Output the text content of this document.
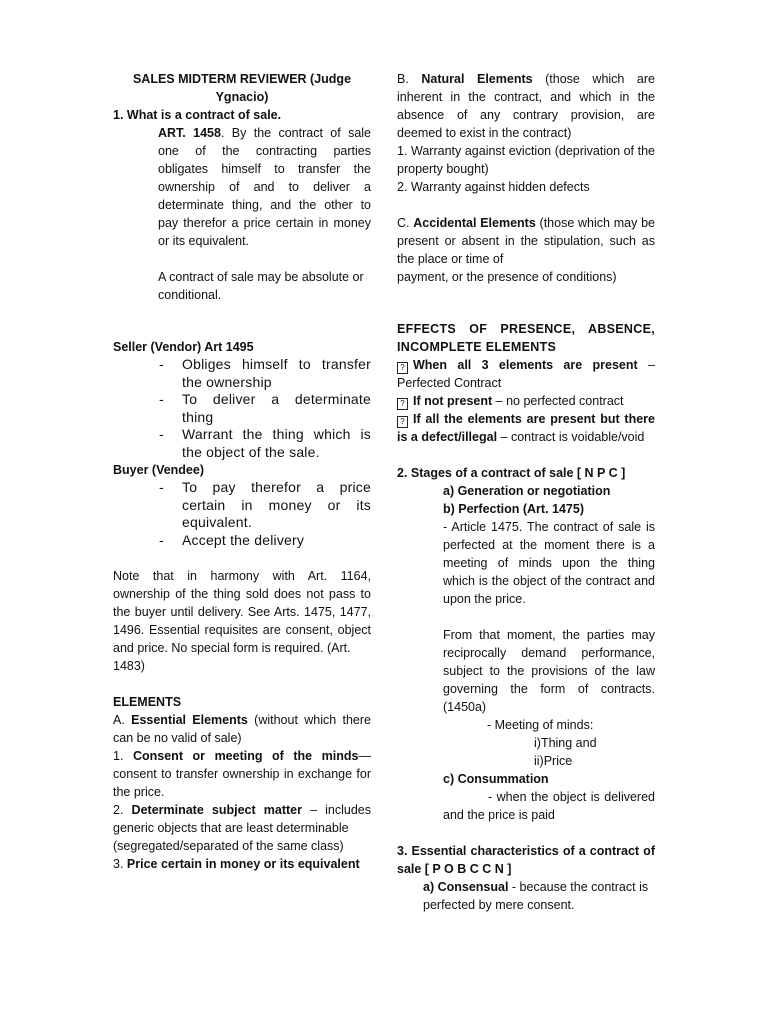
SALES MIDTERM REVIEWER (Judge Ygnacio)

1. What is a contract of sale.

ART. 1458. By the contract of sale one of the contracting parties obligates himself to transfer the ownership of and to deliver a determinate thing, and the other to pay therefor a price certain in money or its equivalent.

A contract of sale may be absolute or conditional.

Seller (Vendor) Art 1495

-	Obliges himself to transfer the ownership
-	To deliver a determinate thing
-	Warrant the thing which is the object of the sale.

Buyer (Vendee)

-	To pay therefor a price certain in money or its equivalent.
-	Accept the delivery

Note that in harmony with Art. 1164, ownership of the thing sold does not pass to the buyer until delivery. See Arts. 1475, 1477, 1496. Essential requisites are consent, object and price. No special form is required. (Art.

1483)

ELEMENTS

A. Essential Elements (without which there can be no valid of sale)

1. Consent or meeting of the minds— consent to transfer ownership in exchange for the price.

2. Determinate subject matter – includes generic objects that are least determinable

(segregated/separated of the same class)

3. Price certain in money or its equivalent

B. Natural Elements (those which are inherent in the contract, and which in the absence of any contrary provision, are deemed to exist in the contract)

1. Warranty against eviction (deprivation of the property bought)

2. Warranty against hidden defects

C. Accidental Elements (those which may be present or absent in the stipulation, such as the place or time of

payment, or the presence of conditions)

EFFECTS OF PRESENCE, ABSENCE, INCOMPLETE ELEMENTS

? When all 3 elements are present – Perfected Contract

? If not present – no perfected contract

? If all the elements are present but there is a defect/illegal – contract is voidable/void

2. Stages of a contract of sale [ N P C ]

a) Generation or negotiation

b) Perfection (Art. 1475)

- Article 1475. The contract of sale is perfected at the moment there is a meeting of minds upon the thing which is the object of the contract and upon the price.

From that moment, the parties may reciprocally demand performance, subject to the provisions of the law governing the form of contracts. (1450a)

- Meeting of minds:

i)Thing and

ii)Price

c) Consummation

- when the object is delivered and the price is paid

3. Essential characteristics of a contract of sale [ P O B C C N ]

a) Consensual - because the contract is perfected by mere consent.
